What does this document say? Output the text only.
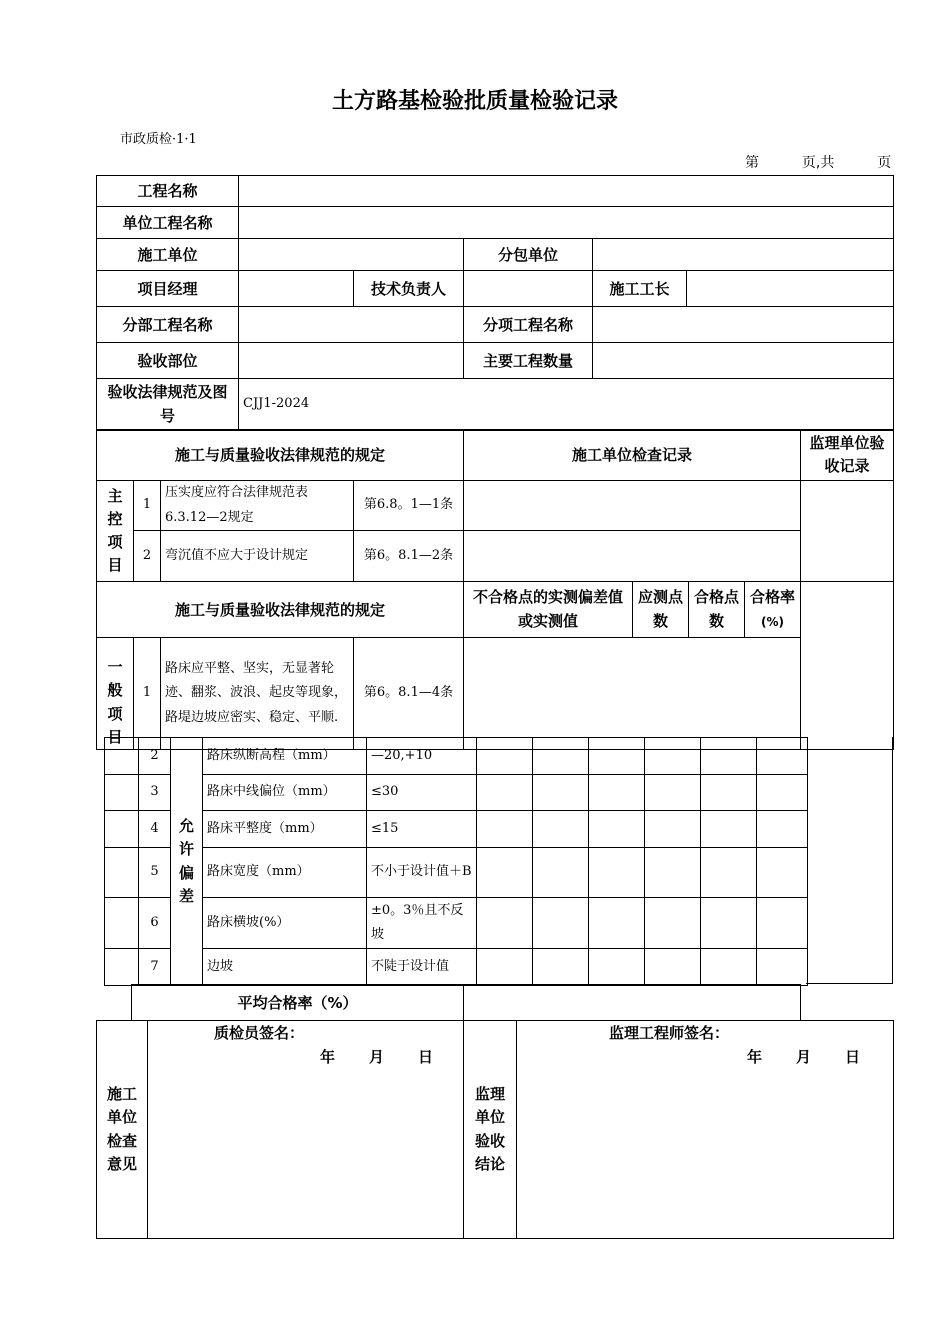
土方路基检验批质量检验记录
市政质检·1·1
第	页,共	页
工程名称					
单位工程名称					
施工单位			分包单位		
项目经理		技术负责人		施工工长	
分部工程名称			分项工程名称		
验收部位			主要工程数量		
验收法律规范及图号	CJJ1-2024				
施工与质量验收法律规范的规定				施工单位检查记录	监理单位验收记录
主控项目	1	压实度应符合法律规范表6.3.12—2规定	第6.8。1—1条		
	2	弯沉值不应大于设计规定	第6。8.1—2条		
施工与质量验收法律规范的规定				不合格点的实测偏差值或实测值	应测点数	合格点数	合格率(%)	
一般项目	1	路床应平整、坚实，无显著轮迹、翻浆、波浪、起皮等现象，路堤边坡应密实、稳定、平顺.	第6。8.1—4条					
	2	允许偏差	路床纵断高程（mm）	—20,+10						
	3		路床中线偏位（mm）	≤30						
	4		路床平整度（mm）	≤15						
	5		路床宽度（mm）	不小于设计值＋B						
	6		路床横坡(%）	±0。3％且不反坡						
	7		边坡	不陡于设计值						
平均合格率（%）	
施工单位检查意见	
质检员签名：
年 月 日
	监理单位验收结论	
监理工程师签名：
年 月 日
